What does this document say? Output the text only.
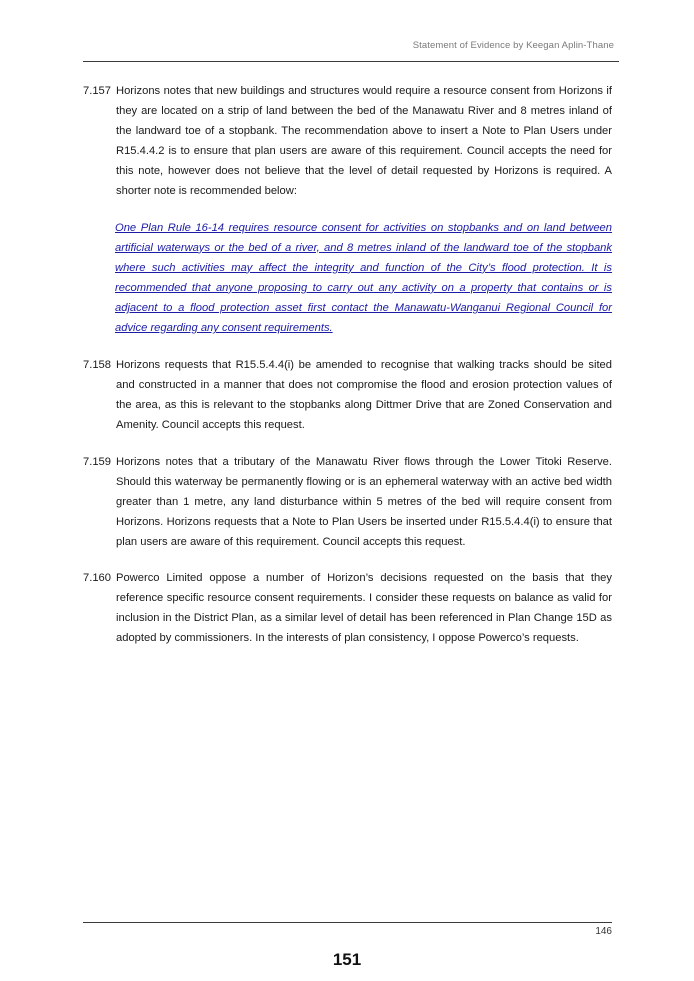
Statement of Evidence by Keegan Aplin-Thane
7.157 Horizons notes that new buildings and structures would require a resource consent from Horizons if they are located on a strip of land between the bed of the Manawatu River and 8 metres inland of the landward toe of a stopbank. The recommendation above to insert a Note to Plan Users under R15.4.4.2 is to ensure that plan users are aware of this requirement. Council accepts the need for this note, however does not believe that the level of detail requested by Horizons is required. A shorter note is recommended below:
One Plan Rule 16-14 requires resource consent for activities on stopbanks and on land between artificial waterways or the bed of a river, and 8 metres inland of the landward toe of the stopbank where such activities may affect the integrity and function of the City’s flood protection. It is recommended that anyone proposing to carry out any activity on a property that contains or is adjacent to a flood protection asset first contact the Manawatu-Wanganui Regional Council for advice regarding any consent requirements.
7.158 Horizons requests that R15.5.4.4(i) be amended to recognise that walking tracks should be sited and constructed in a manner that does not compromise the flood and erosion protection values of the area, as this is relevant to the stopbanks along Dittmer Drive that are Zoned Conservation and Amenity. Council accepts this request.
7.159 Horizons notes that a tributary of the Manawatu River flows through the Lower Titoki Reserve. Should this waterway be permanently flowing or is an ephemeral waterway with an active bed width greater than 1 metre, any land disturbance within 5 metres of the bed will require consent from Horizons. Horizons requests that a Note to Plan Users be inserted under R15.5.4.4(i) to ensure that plan users are aware of this requirement. Council accepts this request.
7.160 Powerco Limited oppose a number of Horizon’s decisions requested on the basis that they reference specific resource consent requirements. I consider these requests on balance as valid for inclusion in the District Plan, as a similar level of detail has been referenced in Plan Change 15D as adopted by commissioners. In the interests of plan consistency, I oppose Powerco’s requests.
146
151
